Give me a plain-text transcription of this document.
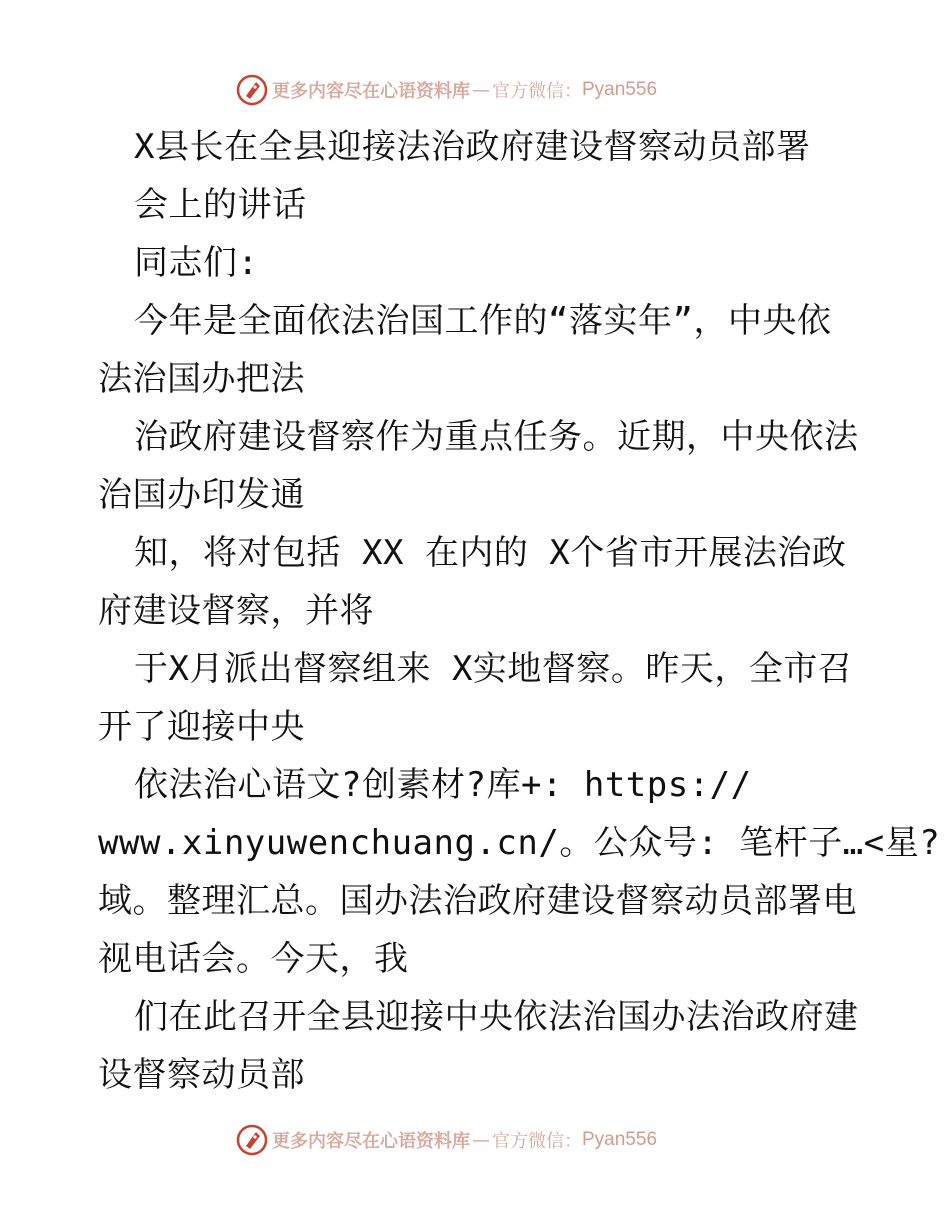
更多内容尽在心语资料库 — 官方微信： Pyan556
X县长在全县迎接法治政府建设督察动员部署
会上的讲话
同志们:
今年是全面依法治国工作的“落实年”，中央依
法治国办把法
治政府建设督察作为重点任务。近期，中央依法
治国办印发通
知，将对包括 XX 在内的 X个省市开展法治政
府建设督察，并将
于X月派出督察组来 X实地督察。昨天，全市召
开了迎接中央
依法治心语文?创素材?库+: https://
www.xinyuwenchuang.cn/。公众号: 笔杆子…<星?
域。整理汇总。国办法治政府建设督察动员部署电
视电话会。今天，我
们在此召开全县迎接中央依法治国办法治政府建
设督察动员部
更多内容尽在心语资料库 — 官方微信： Pyan556
